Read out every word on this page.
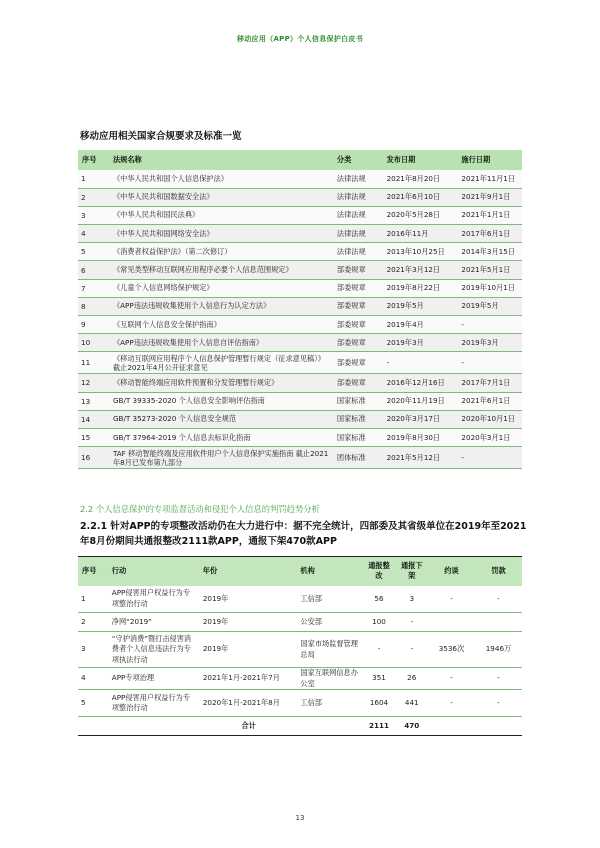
移动应用（APP）个人信息保护白皮书
移动应用相关国家合规要求及标准一览
序号	法规名称	分类	发布日期	施行日期
1	《中华人民共和国个人信息保护法》	法律法规	2021年8月20日	2021年11月1日
2	《中华人民共和国数据安全法》	法律法规	2021年6月10日	2021年9月1日
3	《中华人民共和国民法典》	法律法规	2020年5月28日	2021年1月1日
4	《中华人民共和国网络安全法》	法律法规	2016年11月	2017年6月1日
5	《消费者权益保护法》（第二次修订）	法律法规	2013年10月25日	2014年3月15日
6	《常见类型移动互联网应用程序必要个人信息范围规定》	部委规章	2021年3月12日	2021年5月1日
7	《儿童个人信息网络保护规定》	部委规章	2019年8月22日	2019年10月1日
8	《APP违法违规收集使用个人信息行为认定方法》	部委规章	2019年5月	2019年5月
9	《互联网个人信息安全保护指南》	部委规章	2019年4月	-
10	《APP违法违规收集使用个人信息自评估指南》	部委规章	2019年3月	2019年3月
11	《移动互联网应用程序个人信息保护管理暂行规定（征求意见稿）》截止2021年4月公开征求意见	部委规章	-	-
12	《移动智能终端应用软件预置和分发管理暂行规定》	部委规章	2016年12月16日	2017年7月1日
13	GB/T 39335-2020 个人信息安全影响评估指南	国家标准	2020年11月19日	2021年6月1日
14	GB/T 35273-2020 个人信息安全规范	国家标准	2020年3月17日	2020年10月1日
15	GB/T 37964-2019 个人信息去标识化指南	国家标准	2019年8月30日	2020年3月1日
16	TAF 移动智能终端及应用软件用户个人信息保护实施指南 截止2021年8月已发布第九部分	团体标准	2021年5月12日	-
2.2 个人信息保护的专项监督活动和侵犯个人信息的判罚趋势分析
2.2.1 针对APP的专项整改活动仍在大力进行中：据不完全统计，四部委及其省级单位在2019年至2021年8月份期间共通报整改2111款APP，通报下架470款APP
序号	行动	年份	机构	通报整改	通报下架	约谈	罚款
1	APP侵害用户权益行为专项整治行动	2019年	工信部	56	3	-	-
2	净网“2019”	2019年	公安部	100	-		
3	“守护消费”暨打击侵害消费者个人信息违法行为专项执法行动	2019年	国家市场监督管理总局	-	-	3536次	1946万
4	APP专项治理	2021年1月-2021年7月	国家互联网信息办公室	351	26	-	-
5	APP侵害用户权益行为专项整治行动	2020年1月-2021年8月	工信部	1604	441	-	-
		合计		2111	470		
13
